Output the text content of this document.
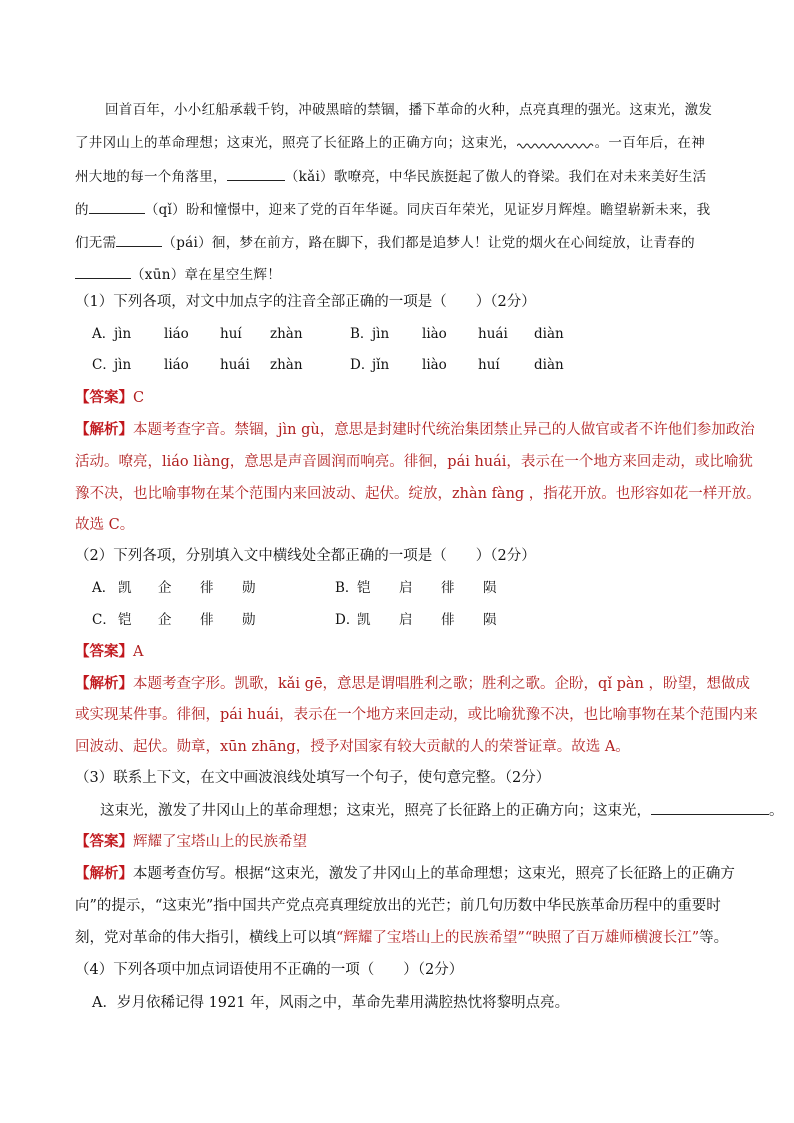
回首百年，小小红船承载千钧，冲破黑暗的禁锢，播下革命的火种，点亮真理的强光。这束光，激发
了井冈山上的革命理想；这束光，照亮了长征路上的正确方向；这束光，	。一百年后，在神
州大地的每一个角落里，	（kǎi）歌嘹亮，中华民族挺起了傲人的脊梁。我们在对未来美好生活
的	（qǐ）盼和憧憬中，迎来了党的百年华诞。同庆百年荣光，见证岁月辉煌。瞻望崭新未来，我
们无需	（pái）徊，梦在前方，路在脚下，我们都是追梦人！让党的烟火在心间绽放，让青春的
（xūn）章在星空生辉！
（1）下列各项，对文中加点字的注音全部正确的一项是（　　）（2分）
A．jìn liáo huí zhàn	B．jìn liào huái diàn
C．jìn liáo huái zhàn	D．jǐn liào huí	diàn
【答案】C
【解析】本题考查字音。禁锢，jìn gù，意思是封建时代统治集团禁止异己的人做官或者不许他们参加政治
活动。嘹亮，liáo liàng，意思是声音圆润而响亮。徘徊，pái huái，表示在一个地方来回走动，或比喻犹
豫不决，也比喻事物在某个范围内来回波动、起伏。绽放，zhàn fàng ，指花开放。也形容如花一样开放。
故选 C。
（2）下列各项，分别填入文中横线处全都正确的一项是（　　）（2分）
A． 凯 企 徘 勋	B．铠 启 徘 陨
C． 铠 企 俳 勋	D．凯 启 俳 陨
【答案】A
【解析】本题考查字形。凯歌，kǎi gē，意思是谓唱胜利之歌；胜利之歌。企盼，qǐ pàn ，盼望，想做成
或实现某件事。徘徊，pái huái，表示在一个地方来回走动，或比喻犹豫不决，也比喻事物在某个范围内来
回波动、起伏。勋章，xūn zhāng，授予对国家有较大贡献的人的荣誉证章。故选 A。
（3）联系上下文，在文中画波浪线处填写一个句子，使句意完整。（2分）
这束光，激发了井冈山上的革命理想；这束光，照亮了长征路上的正确方向；这束光，	。
【答案】辉耀了宝塔山上的民族希望
【解析】本题考查仿写。根据“这束光，激发了井冈山上的革命理想；这束光，照亮了长征路上的正确方
向”的提示，“这束光”指中国共产党点亮真理绽放出的光芒；前几句历数中华民族革命历程中的重要时
刻，党对革命的伟大指引，横线上可以填“辉耀了宝塔山上的民族希望”“映照了百万雄师横渡长江”等。
（4）下列各项中加点词语使用不正确的一项（　　）（2分）
A．岁月依稀记得 1921 年，风雨之中，革命先辈用满腔热忱将黎明点亮。
